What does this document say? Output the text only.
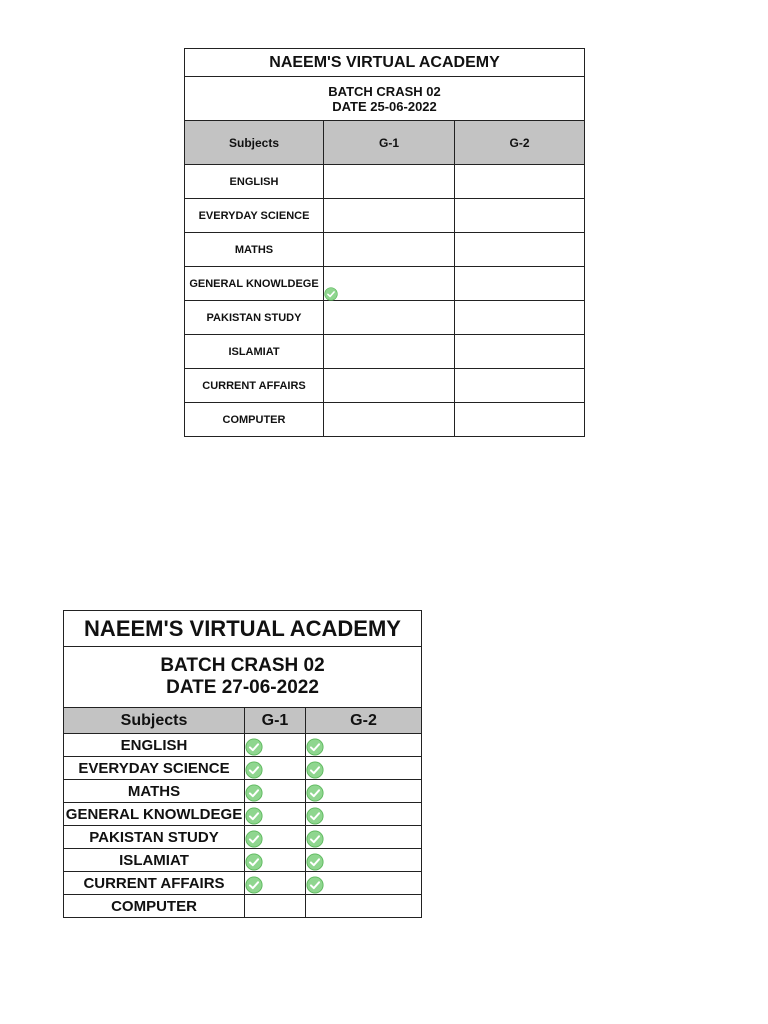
NAEEM'S VIRTUAL ACADEMY		

BATCH CRASH 02
DATE 25-06-2022		

Subjects	G-1	G-2
ENGLISH		
EVERYDAY SCIENCE		
MATHS		
GENERAL KNOWLDEGE	

PAKISTAN STUDY		
ISLAMIAT		
CURRENT AFFAIRS		
COMPUTER		
NAEEM'S VIRTUAL ACADEMY		

BATCH CRASH 02
DATE 27-06-2022		

Subjects	G-1	G-2
ENGLISH	

EVERYDAY SCIENCE	

MATHS	

GENERAL KNOWLDEGE	

PAKISTAN STUDY	

ISLAMIAT	

CURRENT AFFAIRS	

COMPUTER		
